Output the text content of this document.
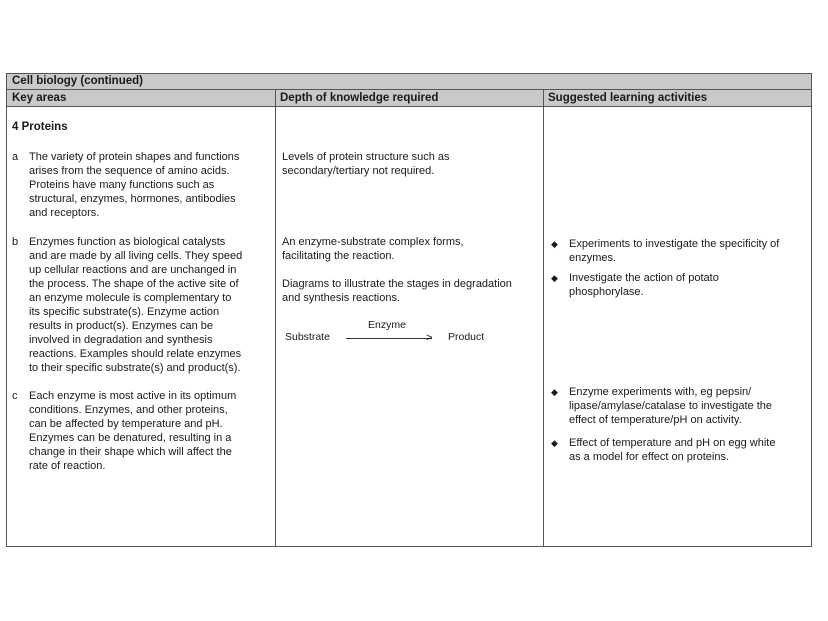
Cell biology (continued)
Key areas	Depth of knowledge required	Suggested learning activities
4 Proteins
a The variety of protein shapes and functions
arises from the sequence of amino acids.
Proteins have many functions such as
structural, enzymes, hormones, antibodies
and receptors.
b Enzymes function as biological catalysts
and are made by all living cells. They speed
up cellular reactions and are unchanged in
the process. The shape of the active site of
an enzyme molecule is complementary to
its specific substrate(s). Enzyme action
results in product(s). Enzymes can be
involved in degradation and synthesis
reactions. Examples should relate enzymes
to their specific substrate(s) and product(s).
c Each enzyme is most active in its optimum
conditions. Enzymes, and other proteins,
can be affected by temperature and pH.
Enzymes can be denatured, resulting in a
change in their shape which will affect the
rate of reaction.
Levels of protein structure such as
secondary/tertiary not required.
An enzyme-substrate complex forms,
facilitating the reaction.
Diagrams to illustrate the stages in degradation
and synthesis reactions.
Substrate
Enzyme
> Product
◆ Experiments to investigate the specificity of
enzymes.
◆ Investigate the action of potato
phosphorylase.
◆ Enzyme experiments with, eg pepsin/
lipase/amylase/catalase to investigate the
effect of temperature/pH on activity.
◆ Effect of temperature and pH on egg white
as a model for effect on proteins.
